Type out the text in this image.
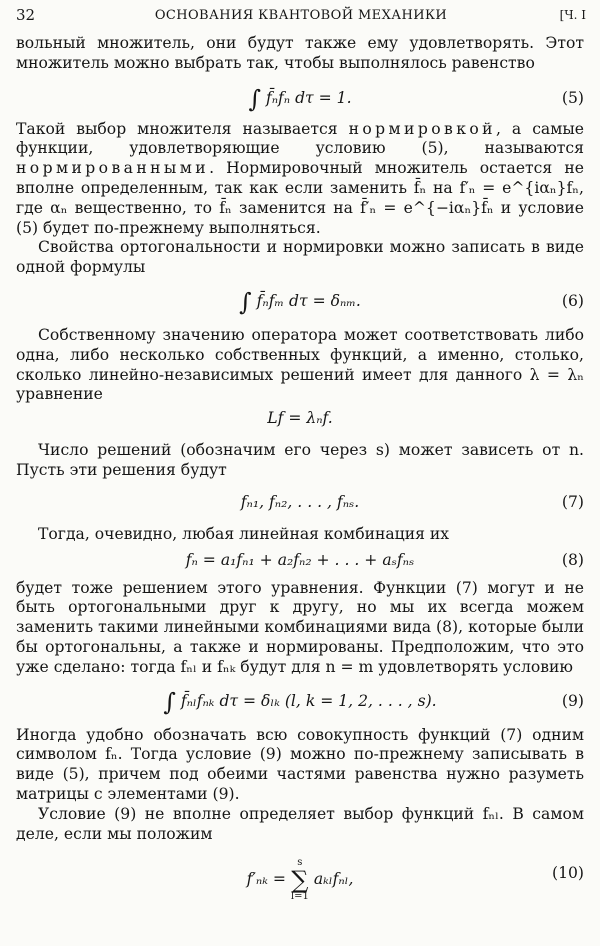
32	ОСНОВАНИЯ КВАНТОВОЙ МЕХАНИКИ	[Ч. I

вольный множитель, они будут также ему удовлетворять. Этот множитель можно выбрать так, чтобы выполнялось равенство

∫ f̄ₙfₙ dτ = 1.	(5)

Такой выбор множителя называется нормировкой, а самые функции, удовлетворяющие условию (5), называются нормированными. Нормировочный множитель остается не вполне определенным, так как если заменить f̄ₙ на f′ₙ = e^{iαₙ}fₙ, где αₙ вещественно, то f̄ₙ заменится на f̄′ₙ = e^{−iαₙ}f̄ₙ и условие (5) будет по-прежнему выполняться.

Свойства ортогональности и нормировки можно записать в виде одной формулы

∫ f̄ₙfₘ dτ = δₙₘ.	(6)

Собственному значению оператора может соответствовать либо одна, либо несколько собственных функций, а именно, столько, сколько линейно-независимых решений имеет для данного λ = λₙ уравнение

Lf = λₙf.

Число решений (обозначим его через s) может зависеть от n. Пусть эти решения будут

fₙ₁, fₙ₂, . . . , fₙₛ.	(7)

Тогда, очевидно, любая линейная комбинация их

fₙ = a₁fₙ₁ + a₂fₙ₂ + . . . + aₛfₙₛ	(8)

будет тоже решением этого уравнения. Функции (7) могут и не быть ортогональными друг к другу, но мы их всегда можем заменить такими линейными комбинациями вида (8), которые были бы ортогональны, а также и нормированы. Предположим, что это уже сделано: тогда fₙₗ и fₙₖ будут для n = m удовлетворять условию

∫ f̄ₙₗfₙₖ dτ = δₗₖ (l, k = 1, 2, . . . , s).	(9)

Иногда удобно обозначать всю совокупность функций (7) одним символом fₙ. Тогда условие (9) можно по-прежнему записывать в виде (5), причем под обеими частями равенства нужно разуметь матрицы с элементами (9).

Условие (9) не вполне определяет выбор функций fₙₗ. В самом деле, если мы положим

f′ₙₖ = s
∑
l=1 aₖₗfₙₗ,	(10)
